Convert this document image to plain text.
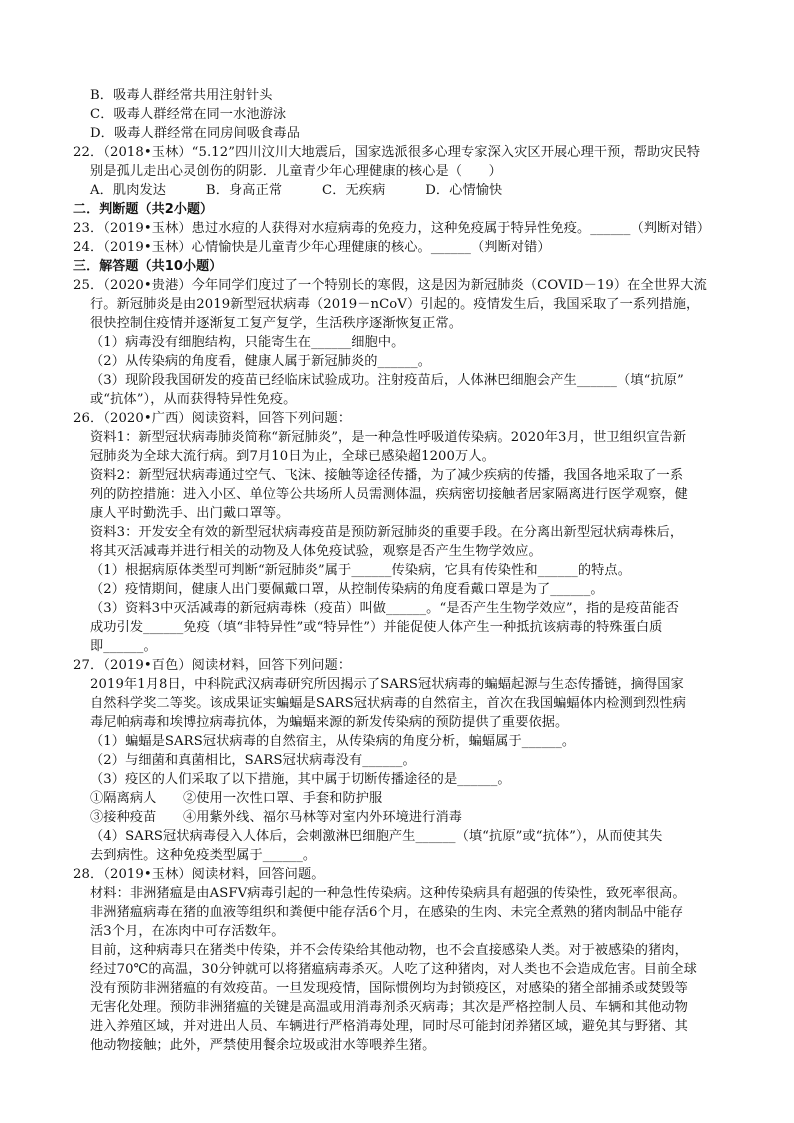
B．吸毒人群经常共用注射针头
C．吸毒人群经常在同一水池游泳
D．吸毒人群经常在同房间吸食毒品
22．（2018•玉林）“5.12”四川汶川大地震后，国家选派很多心理专家深入灾区开展心理干预，帮助灾民特
别是孤儿走出心灵创伤的阴影．儿童青少年心理健康的核心是（　　）
A．肌肉发达　　　B．身高正常　　　C．无疾病　　　D．心情愉快
二．判断题（共2小题）
23．（2019•玉林）患过水痘的人获得对水痘病毒的免疫力，这种免疫属于特异性免疫。______（判断对错）
24．（2019•玉林）心情愉快是儿童青少年心理健康的核心。______（判断对错）
三．解答题（共10小题）
25．（2020•贵港）今年同学们度过了一个特别长的寒假，这是因为新冠肺炎（COVID－19）在全世界大流
行。新冠肺炎是由2019新型冠状病毒（2019－nCoV）引起的。疫情发生后，我国采取了一系列措施，
很快控制住疫情并逐渐复工复产复学，生活秩序逐渐恢复正常。
（1）病毒没有细胞结构，只能寄生在______细胞中。
（2）从传染病的角度看，健康人属于新冠肺炎的______。
（3）现阶段我国研发的疫苗已经临床试验成功。注射疫苗后，人体淋巴细胞会产生______（填“抗原”
或“抗体”），从而获得特异性免疫。
26．（2020•广西）阅读资料，回答下列问题：
资料1：新型冠状病毒肺炎简称“新冠肺炎”，是一种急性呼吸道传染病。2020年3月，世卫组织宣告新
冠肺炎为全球大流行病。到7月10日为止，全球已感染超1200万人。
资料2：新型冠状病毒通过空气、飞沫、接触等途径传播，为了减少疾病的传播，我国各地采取了一系
列的防控措施：进入小区、单位等公共场所人员需测体温，疾病密切接触者居家隔离进行医学观察，健
康人平时勤洗手、出门戴口罩等。
资料3：开发安全有效的新型冠状病毒疫苗是预防新冠肺炎的重要手段。在分离出新型冠状病毒株后，
将其灭活减毒并进行相关的动物及人体免疫试验，观察是否产生生物学效应。
（1）根据病原体类型可判断“新冠肺炎”属于______传染病，它具有传染性和______的特点。
（2）疫情期间，健康人出门要佩戴口罩，从控制传染病的角度看戴口罩是为了______。
（3）资料3中灭活减毒的新冠病毒株（疫苗）叫做______。“是否产生生物学效应”，指的是疫苗能否
成功引发______免疫（填“非特异性”或“特异性”）并能促使人体产生一种抵抗该病毒的特殊蛋白质
即______。
27．（2019•百色）阅读材料，回答下列问题：
2019年1月8日，中科院武汉病毒研究所因揭示了SARS冠状病毒的蝙蝠起源与生态传播链，摘得国家
自然科学奖二等奖。该成果证实蝙蝠是SARS冠状病毒的自然宿主，首次在我国蝙蝠体内检测到烈性病
毒尼帕病毒和埃博拉病毒抗体，为蝙蝠来源的新发传染病的预防提供了重要依据。
（1）蝙蝠是SARS冠状病毒的自然宿主，从传染病的角度分析，蝙蝠属于______。
（2）与细菌和真菌相比，SARS冠状病毒没有______。
（3）疫区的人们采取了以下措施，其中属于切断传播途径的是______。
①隔离病人　　②使用一次性口罩、手套和防护服
③接种疫苗　　④用紫外线、福尔马林等对室内外环境进行消毒
（4）SARS冠状病毒侵入人体后，会刺激淋巴细胞产生______（填“抗原”或“抗体”），从而使其失
去到病性。这种免疫类型属于______。
28．（2019•玉林）阅读材料，回答问题。
材料：非洲猪瘟是由ASFV病毒引起的一种急性传染病。这种传染病具有超强的传染性，致死率很高。
非洲猪瘟病毒在猪的血液等组织和粪便中能存活6个月，在感染的生肉、未完全煮熟的猪肉制品中能存
活3个月，在冻肉中可存活数年。
目前，这种病毒只在猪类中传染，并不会传染给其他动物，也不会直接感染人类。对于被感染的猪肉，
经过70℃的高温，30分钟就可以将猪瘟病毒杀灭。人吃了这种猪肉，对人类也不会造成危害。目前全球
没有预防非洲猪瘟的有效疫苗。一旦发现疫情，国际惯例均为封锁疫区，对感染的猪全部捕杀或焚毁等
无害化处理。预防非洲猪瘟的关键是高温或用消毒剂杀灭病毒；其次是严格控制人员、车辆和其他动物
进入养殖区域，并对进出人员、车辆进行严格消毒处理，同时尽可能封闭养猪区域，避免其与野猪、其
他动物接触；此外，严禁使用餐余垃圾或泔水等喂养生猪。
